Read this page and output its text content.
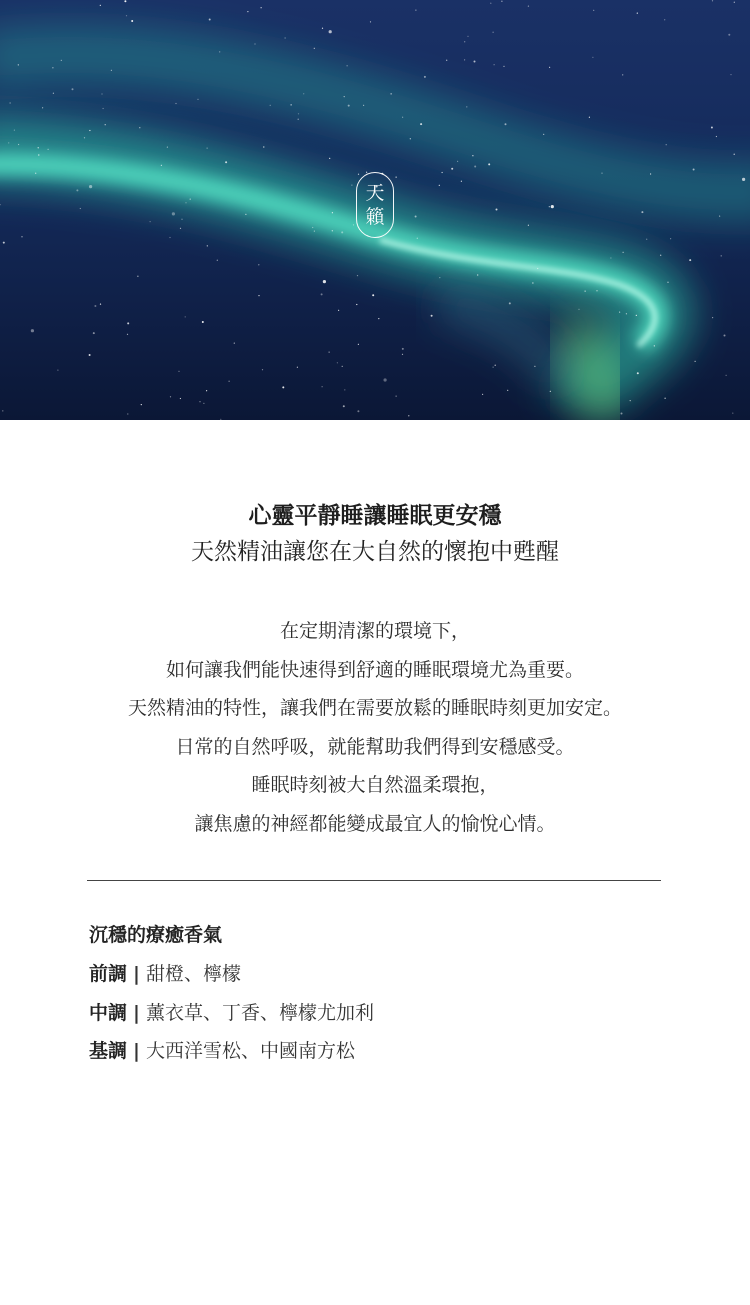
天
籟
心靈平靜睡讓睡眠更安穩
天然精油讓您在大自然的懷抱中甦醒
在定期清潔的環境下，
如何讓我們能快速得到舒適的睡眠環境尤為重要。
天然精油的特性，讓我們在需要放鬆的睡眠時刻更加安定。
日常的自然呼吸，就能幫助我們得到安穩感受。
睡眠時刻被大自然溫柔環抱，
讓焦慮的神經都能變成最宜人的愉悅心情。
沉穩的療癒香氣
前調 | 甜橙、檸檬
中調 | 薰衣草、丁香、檸檬尤加利
基調 | 大西洋雪松、中國南方松
